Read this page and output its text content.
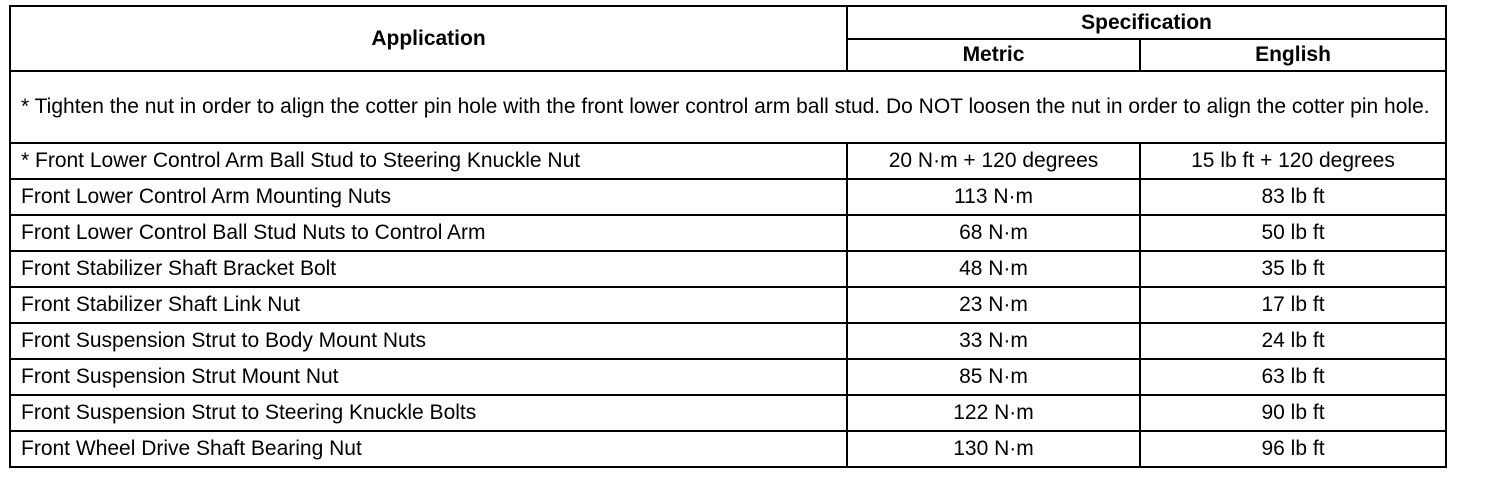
Application	Specification	
	Metric	English
* Tighten the nut in order to align the cotter pin hole with the front lower control arm ball stud. Do NOT loosen the nut in order to align the cotter pin hole.		
* Front Lower Control Arm Ball Stud to Steering Knuckle Nut	20 N·m + 120 degrees	15 lb ft + 120 degrees
Front Lower Control Arm Mounting Nuts	113 N·m	83 lb ft
Front Lower Control Ball Stud Nuts to Control Arm	68 N·m	50 lb ft
Front Stabilizer Shaft Bracket Bolt	48 N·m	35 lb ft
Front Stabilizer Shaft Link Nut	23 N·m	17 lb ft
Front Suspension Strut to Body Mount Nuts	33 N·m	24 lb ft
Front Suspension Strut Mount Nut	85 N·m	63 lb ft
Front Suspension Strut to Steering Knuckle Bolts	122 N·m	90 lb ft
Front Wheel Drive Shaft Bearing Nut	130 N·m	96 lb ft
